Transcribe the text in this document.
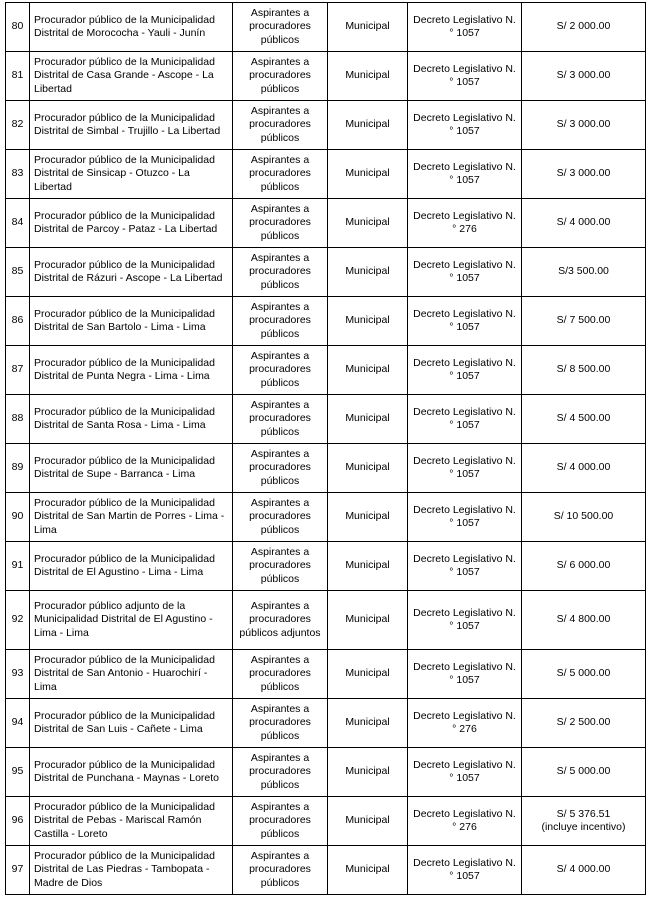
80	Procurador público de la Municipalidad Distrital de Morococha - Yauli - Junín	Aspirantes a procuradores públicos	Municipal	Decreto Legislativo N.° 1057	S/ 2 000.00
81	Procurador público de la Municipalidad Distrital de Casa Grande - Ascope - La Libertad	Aspirantes a procuradores públicos	Municipal	Decreto Legislativo N.° 1057	S/ 3 000.00
82	Procurador público de la Municipalidad Distrital de Simbal - Trujillo - La Libertad	Aspirantes a procuradores públicos	Municipal	Decreto Legislativo N.° 1057	S/ 3 000.00
83	Procurador público de la Municipalidad Distrital de Sinsicap - Otuzco - La Libertad	Aspirantes a procuradores públicos	Municipal	Decreto Legislativo N.° 1057	S/ 3 000.00
84	Procurador público de la Municipalidad Distrital de Parcoy - Pataz - La Libertad	Aspirantes a procuradores públicos	Municipal	Decreto Legislativo N.° 276	S/ 4 000.00
85	Procurador público de la Municipalidad Distrital de Rázuri - Ascope - La Libertad	Aspirantes a procuradores públicos	Municipal	Decreto Legislativo N.° 1057	S/3 500.00
86	Procurador público de la Municipalidad Distrital de San Bartolo - Lima - Lima	Aspirantes a procuradores públicos	Municipal	Decreto Legislativo N.° 1057	S/ 7 500.00
87	Procurador público de la Municipalidad Distrital de Punta Negra - Lima - Lima	Aspirantes a procuradores públicos	Municipal	Decreto Legislativo N.° 1057	S/ 8 500.00
88	Procurador público de la Municipalidad Distrital de Santa Rosa - Lima - Lima	Aspirantes a procuradores públicos	Municipal	Decreto Legislativo N.° 1057	S/ 4 500.00
89	Procurador público de la Municipalidad Distrital de Supe - Barranca - Lima	Aspirantes a procuradores públicos	Municipal	Decreto Legislativo N.° 1057	S/ 4 000.00
90	Procurador público de la Municipalidad Distrital de San Martin de Porres - Lima - Lima	Aspirantes a procuradores públicos	Municipal	Decreto Legislativo N.° 1057	S/ 10 500.00
91	Procurador público de la Municipalidad Distrital de El Agustino - Lima - Lima	Aspirantes a procuradores públicos	Municipal	Decreto Legislativo N.° 1057	S/ 6 000.00
92	Procurador público adjunto de la Municipalidad Distrital de El Agustino - Lima - Lima	Aspirantes a procuradores públicos adjuntos	Municipal	Decreto Legislativo N.° 1057	S/ 4 800.00
93	Procurador público de la Municipalidad Distrital de San Antonio - Huarochirí - Lima	Aspirantes a procuradores públicos	Municipal	Decreto Legislativo N.° 1057	S/ 5 000.00
94	Procurador público de la Municipalidad Distrital de San Luis - Cañete - Lima	Aspirantes a procuradores públicos	Municipal	Decreto Legislativo N.° 276	S/ 2 500.00
95	Procurador público de la Municipalidad Distrital de Punchana - Maynas - Loreto	Aspirantes a procuradores públicos	Municipal	Decreto Legislativo N.° 1057	S/ 5 000.00
96	Procurador público de la Municipalidad Distrital de Pebas - Mariscal Ramón Castilla - Loreto	Aspirantes a procuradores públicos	Municipal	Decreto Legislativo N.° 276	S/ 5 376.51
(incluye incentivo)

97	Procurador público de la Municipalidad Distrital de Las Piedras - Tambopata - Madre de Dios	Aspirantes a procuradores públicos	Municipal	Decreto Legislativo N.° 1057	S/ 4 000.00
